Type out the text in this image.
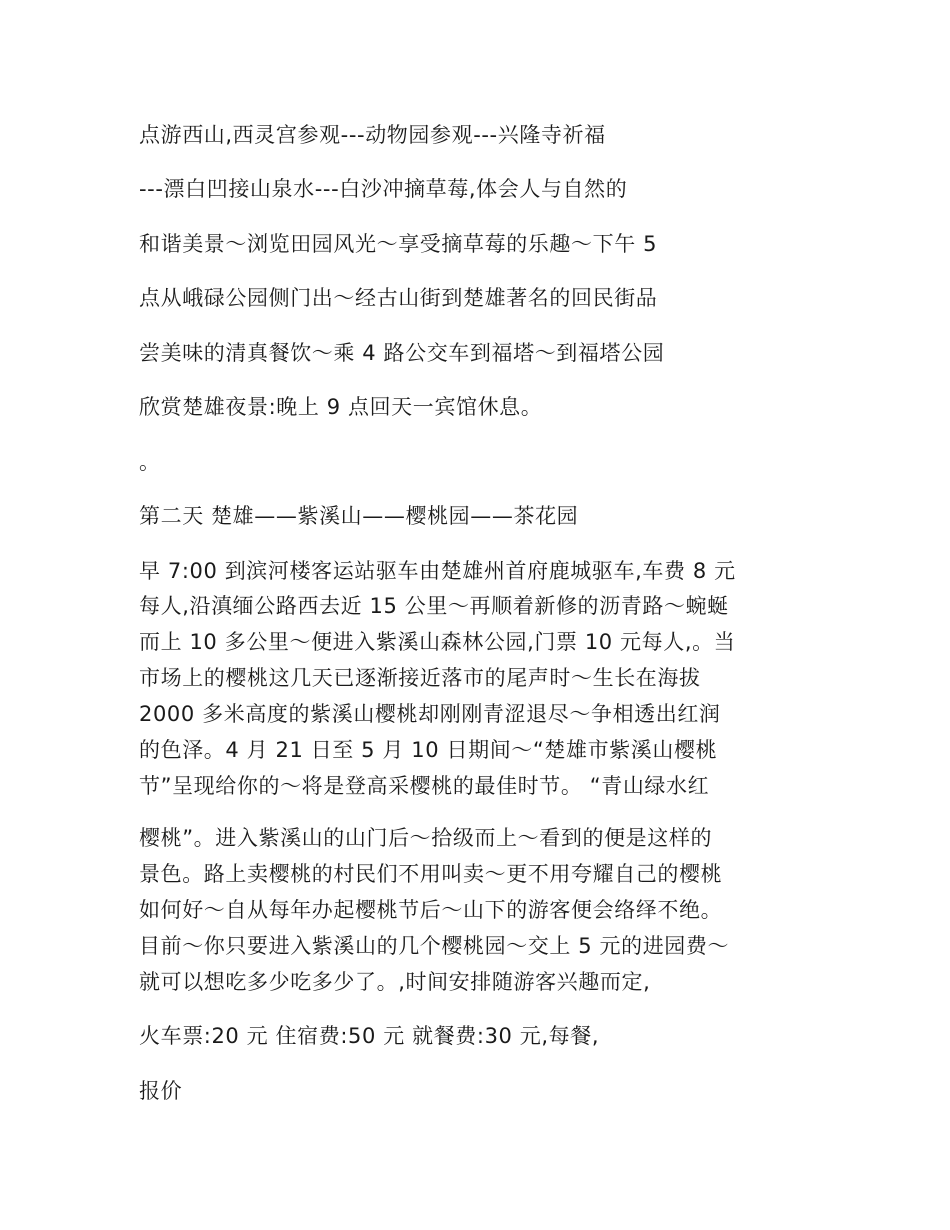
点游西山,西灵宫参观---动物园参观---兴隆寺祈福
---漂白凹接山泉水---白沙冲摘草莓,体会人与自然的
和谐美景～浏览田园风光～享受摘草莓的乐趣～下午 5
点从峨碌公园侧门出～经古山街到楚雄著名的回民街品
尝美味的清真餐饮～乘 4 路公交车到福塔～到福塔公园
欣赏楚雄夜景:晚上 9 点回天一宾馆休息。
。
第二天 楚雄——紫溪山——樱桃园——茶花园
早 7:00 到滨河楼客运站驱车由楚雄州首府鹿城驱车,车费 8 元
每人,沿滇缅公路西去近 15 公里～再顺着新修的沥青路～蜿蜒
而上 10 多公里～便进入紫溪山森林公园,门票 10 元每人,。当
市场上的樱桃这几天已逐渐接近落市的尾声时～生长在海拔
2000 多米高度的紫溪山樱桃却刚刚青涩退尽～争相透出红润
的色泽。4 月 21 日至 5 月 10 日期间～“楚雄市紫溪山樱桃
节”呈现给你的～将是登高采樱桃的最佳时节。 “青山绿水红
樱桃”。进入紫溪山的山门后～拾级而上～看到的便是这样的
景色。路上卖樱桃的村民们不用叫卖～更不用夸耀自己的樱桃
如何好～自从每年办起樱桃节后～山下的游客便会络绎不绝。
目前～你只要进入紫溪山的几个樱桃园～交上 5 元的进园费～
就可以想吃多少吃多少了。,时间安排随游客兴趣而定,
火车票:20 元 住宿费:50 元 就餐费:30 元,每餐,
报价
